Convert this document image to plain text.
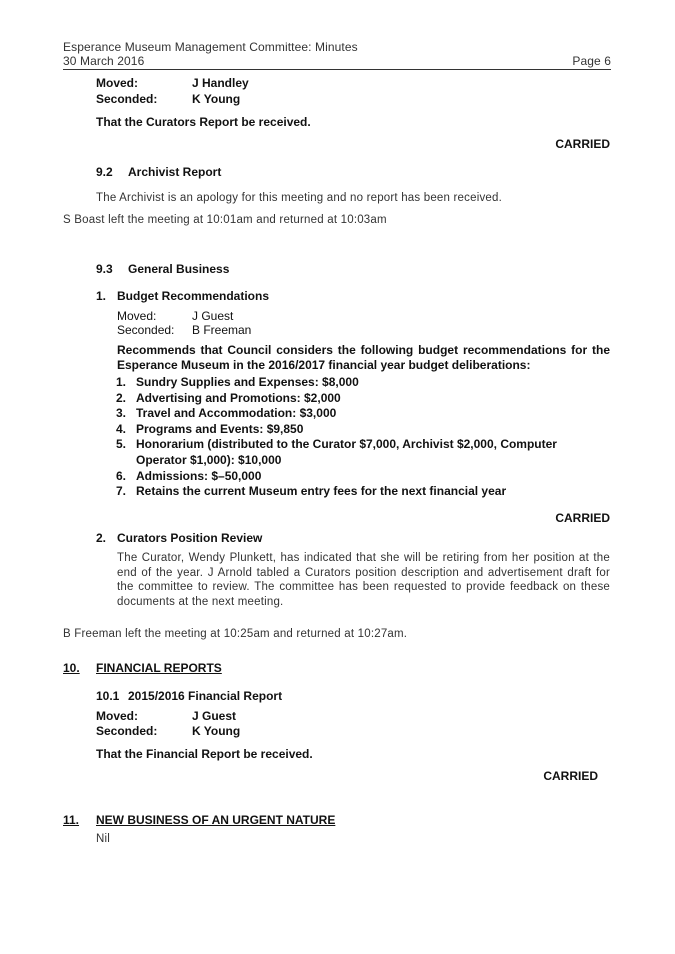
Esperance Museum Management Committee: Minutes
30 March 2016	Page 6
Moved:	J Handley
Seconded:	K Young
That the Curators Report be received.
CARRIED
9.2 Archivist Report
The Archivist is an apology for this meeting and no report has been received.
S Boast left the meeting at 10:01am and returned at 10:03am
9.3 General Business
1. Budget Recommendations
Moved:	J Guest
Seconded: B Freeman
Recommends that Council considers the following budget recommendations for the Esperance Museum in the 2016/2017 financial year budget deliberations:
1. Sundry Supplies and Expenses: $8,000
2. Advertising and Promotions: $2,000
3. Travel and Accommodation: $3,000
4. Programs and Events: $9,850
5. Honorarium (distributed to the Curator $7,000, Archivist $2,000, Computer Operator $1,000): $10,000
6. Admissions: $–50,000
7. Retains the current Museum entry fees for the next financial year
CARRIED
2. Curators Position Review
The Curator, Wendy Plunkett, has indicated that she will be retiring from her position at the end of the year. J Arnold tabled a Curators position description and advertisement draft for the committee to review. The committee has been requested to provide feedback on these documents at the next meeting.
B Freeman left the meeting at 10:25am and returned at 10:27am.
10. FINANCIAL REPORTS
10.1 2015/2016 Financial Report
Moved:	J Guest
Seconded:	K Young
That the Financial Report be received.
CARRIED
11. NEW BUSINESS OF AN URGENT NATURE
Nil
